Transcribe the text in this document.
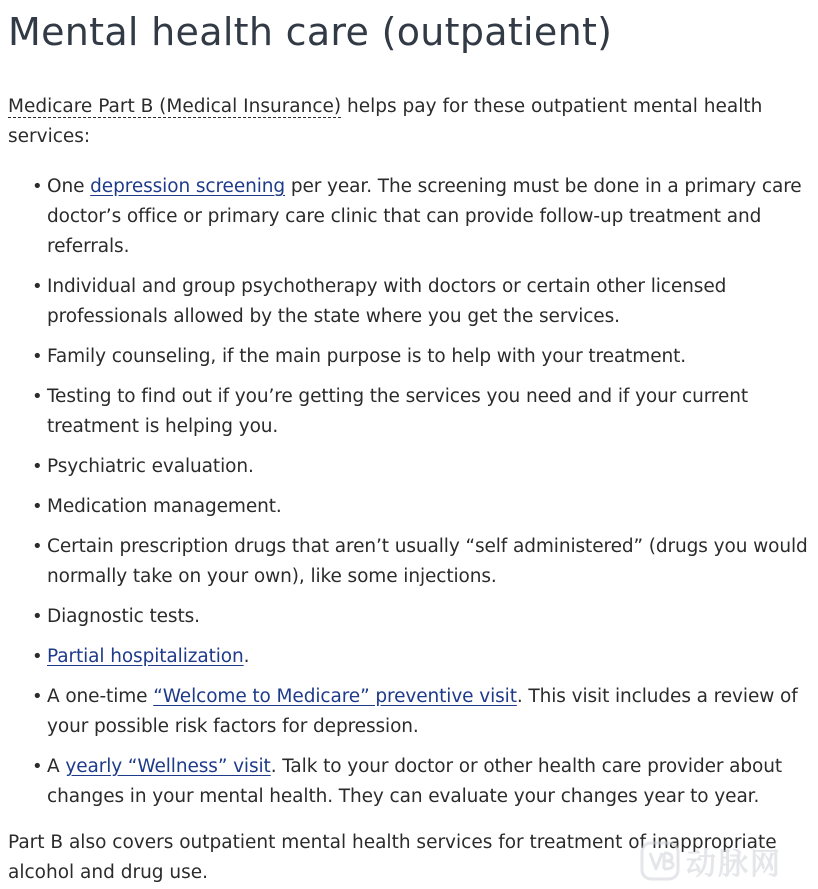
Mental health care (outpatient)

Medicare Part B (Medical Insurance) helps pay for these outpatient mental health services:

• One depression screening per year. The screening must be done in a primary care doctor’s office or primary care clinic that can provide follow-up treatment and referrals.
• Individual and group psychotherapy with doctors or certain other licensed professionals allowed by the state where you get the services.
• Family counseling, if the main purpose is to help with your treatment.
• Testing to find out if you’re getting the services you need and if your current treatment is helping you.
• Psychiatric evaluation.
• Medication management.
• Certain prescription drugs that aren’t usually “self administered” (drugs you would normally take on your own), like some injections.
• Diagnostic tests.
• Partial hospitalization.
• A one-time “Welcome to Medicare” preventive visit. This visit includes a review of your possible risk factors for depression.
• A yearly “Wellness” visit. Talk to your doctor or other health care provider about changes in your mental health. They can evaluate your changes year to year.

Part B also covers outpatient mental health services for treatment of inappropriate alcohol and drug use.	动脉网
